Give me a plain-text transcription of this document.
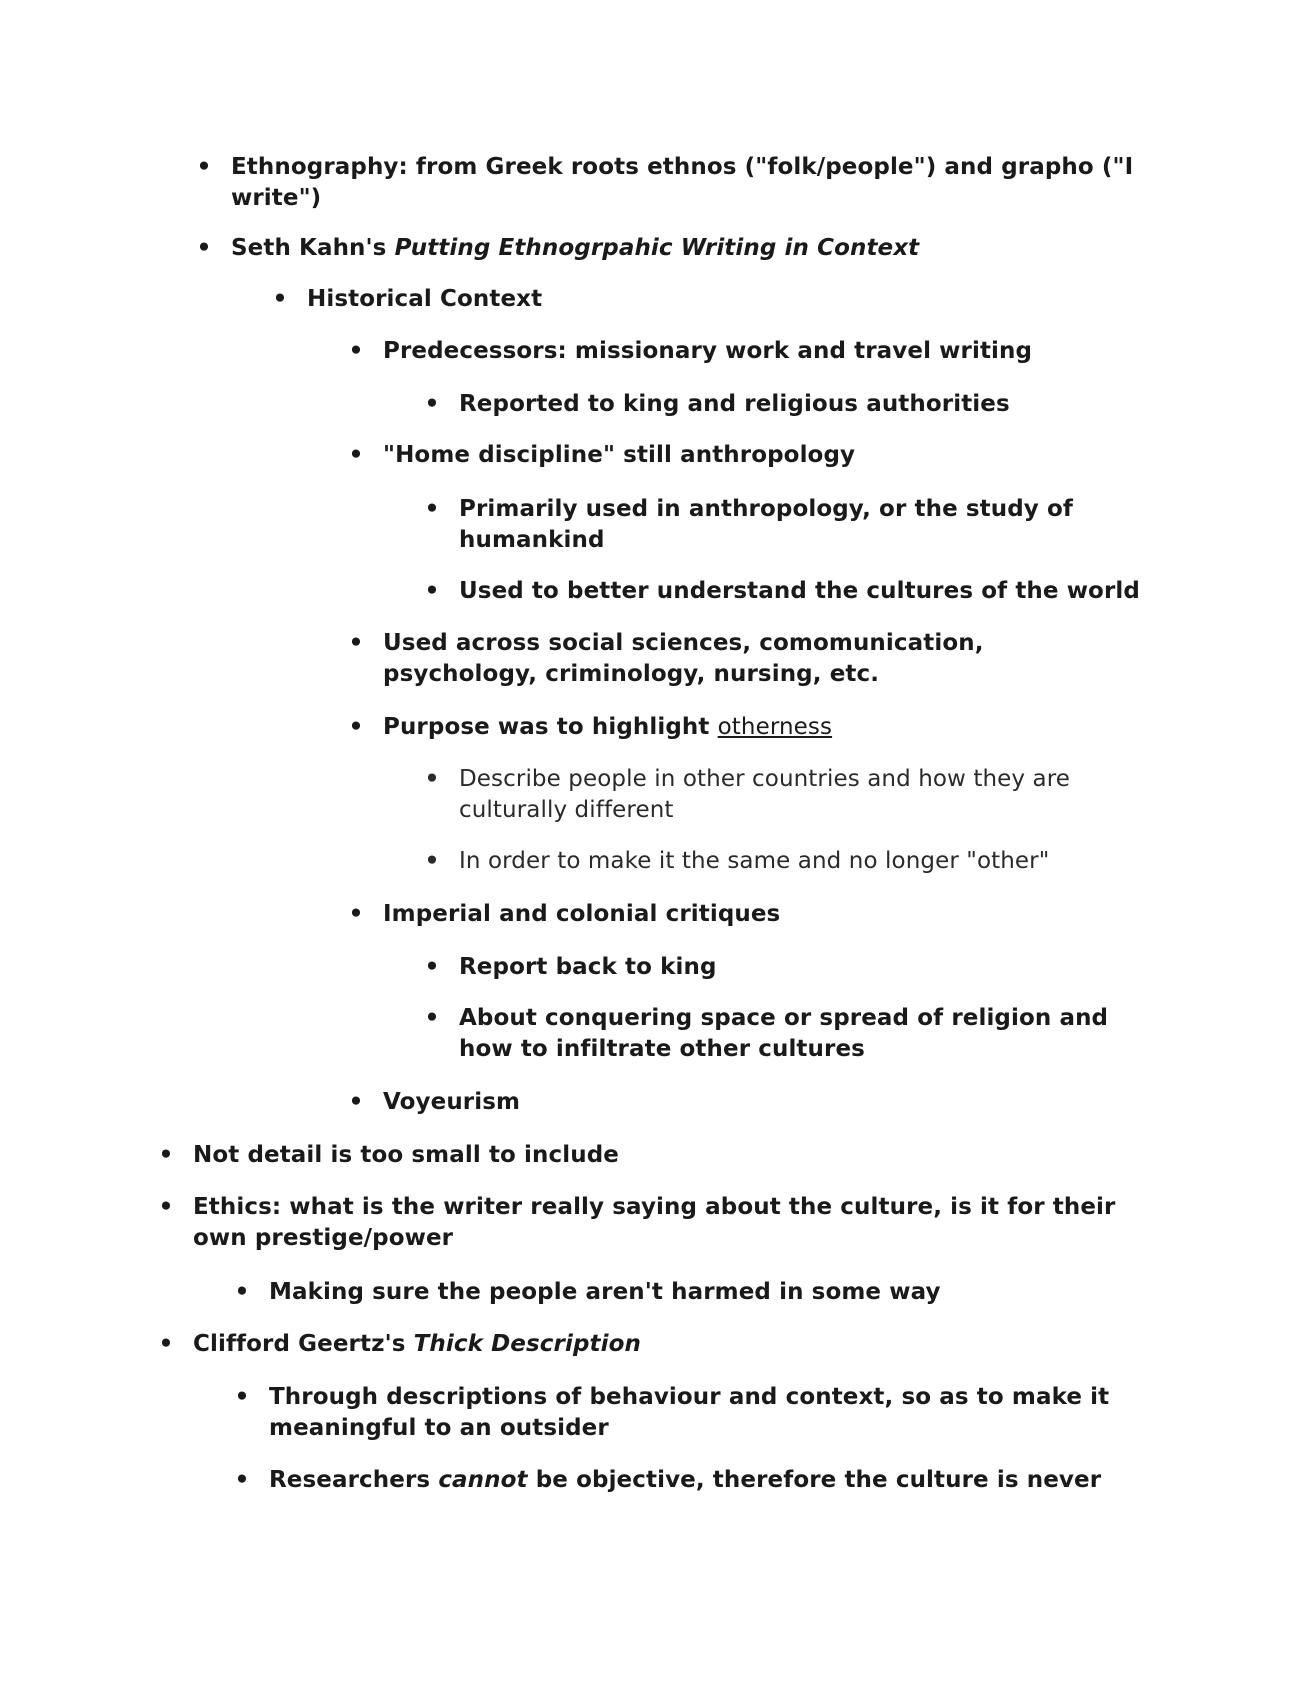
• Ethnography: from Greek roots ethnos ("folk/people") and grapho ("I write")
• Seth Kahn's Putting Ethnogrpahic Writing in Context
• Historical Context
• Predecessors: missionary work and travel writing
• Reported to king and religious authorities
• "Home discipline" still anthropology
• Primarily used in anthropology, or the study of humankind
• Used to better understand the cultures of the world
• Used across social sciences, comomunication, psychology, criminology, nursing, etc.
• Purpose was to highlight otherness
• Describe people in other countries and how they are culturally different
• In order to make it the same and no longer "other"
• Imperial and colonial critiques
• Report back to king
• About conquering space or spread of religion and how to infiltrate other cultures
• Voyeurism
• Not detail is too small to include
• Ethics: what is the writer really saying about the culture, is it for their own prestige/power
• Making sure the people aren't harmed in some way
• Clifford Geertz's Thick Description
• Through descriptions of behaviour and context, so as to make it meaningful to an outsider
• Researchers cannot be objective, therefore the culture is never
